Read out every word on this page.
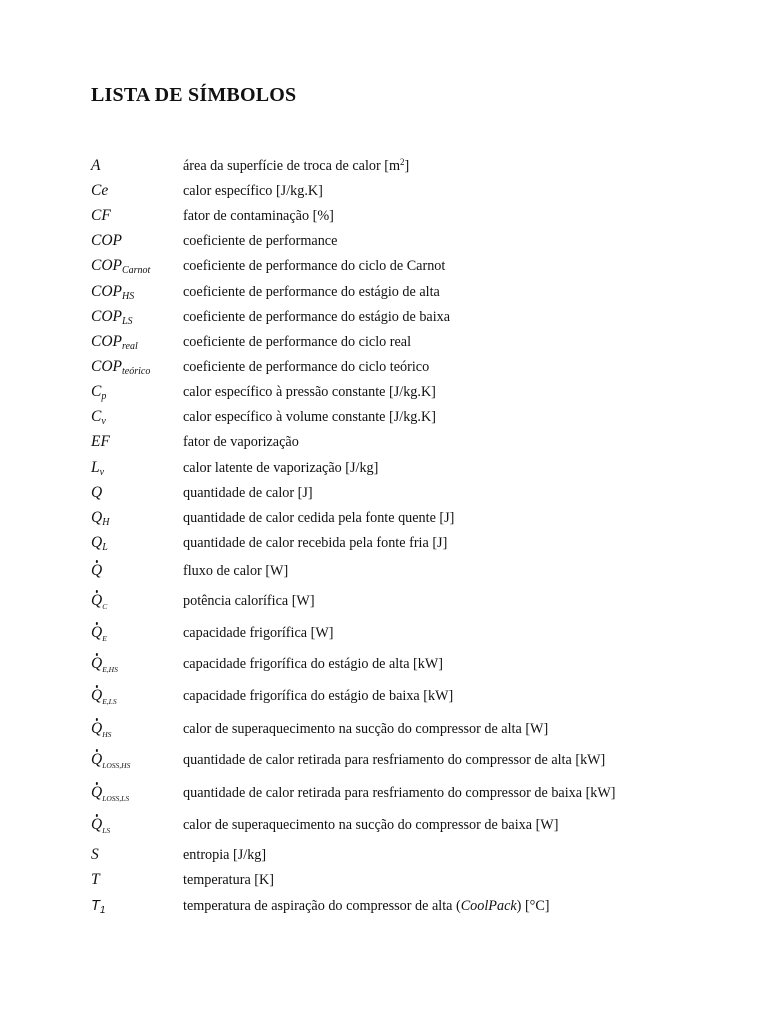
LISTA DE SÍMBOLOS
A	área da superfície de troca de calor $[m^2]$
Ce	calor específico [J/kg.K]
CF	fator de contaminação [%]
COP	coeficiente de performance
$COP_{Carnot}$ coeficiente de performance do ciclo de Carnot
$COP_{HS}$	coeficiente de performance do estágio de alta
$COP_{LS}$	coeficiente de performance do estágio de baixa
$COP_{real}$	coeficiente de performance do ciclo real
$COP_{teórico}$ coeficiente de performance do ciclo teórico
$C_p$	calor específico à pressão constante [J/kg.K]
$C_v$	calor específico à volume constante [J/kg.K]
EF	fator de vaporização
$L_v$	calor latente de vaporização [J/kg]
Q	quantidade de calor [J]
$Q_H$	quantidade de calor cedida pela fonte quente [J]
$Q_L$	quantidade de calor recebida pela fonte fria [J]
Q	fluxo de calor [W]
$Q_C$	potência calorífica [W]
$Q_E$	capacidade frigorífica [W]
$Q_{E,HS}$	capacidade frigorífica do estágio de alta [kW]
$Q_{E,LS}$	capacidade frigorífica do estágio de baixa [kW]
$Q_{HS}$	calor de superaquecimento na sucção do compressor de alta [W]
$Q_{LOSS,HS}$	quantidade de calor retirada para resfriamento do compressor de alta [kW]
$Q_{LOSS,LS}$	quantidade de calor retirada para resfriamento do compressor de baixa [kW]
$Q_{LS}$	calor de superaquecimento na sucção do compressor de baixa [W]
S	entropia [J/kg]
T	temperatura [K]
$T_1$	temperatura de aspiração do compressor de alta (CoolPack) [°C]
